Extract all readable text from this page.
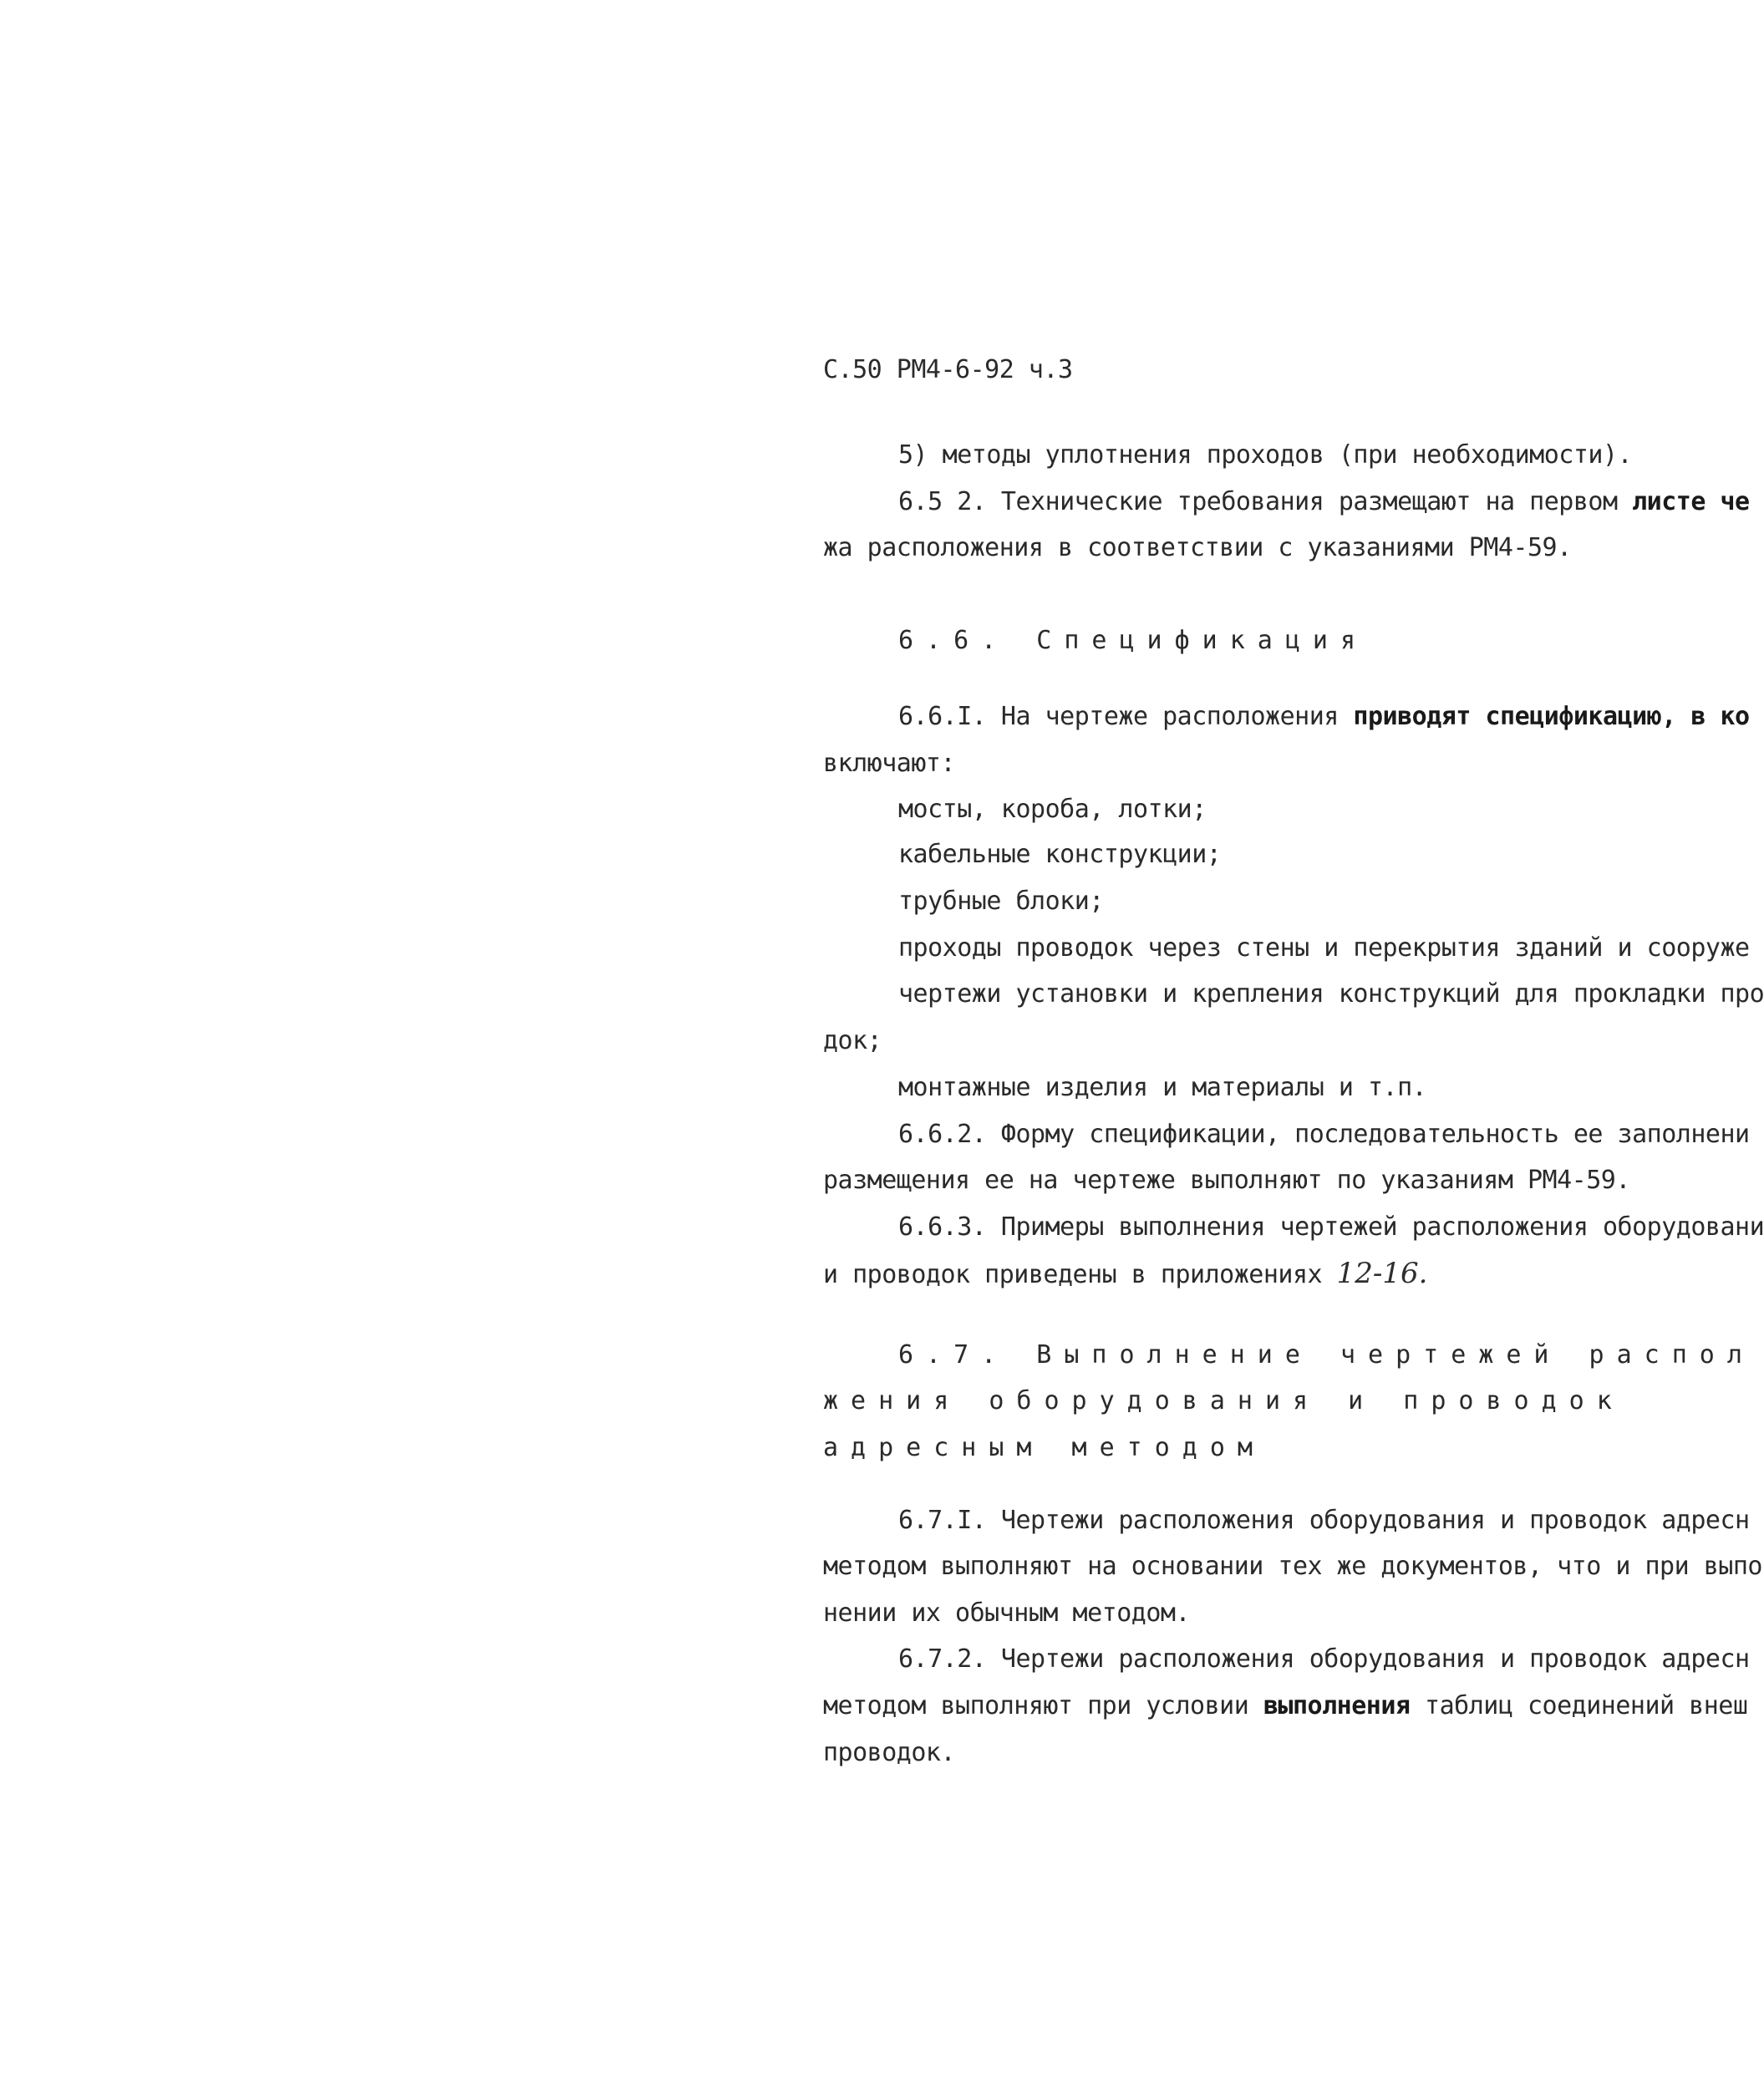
С.50 РМ4-6-92 ч.3
5) методы уплотнения проходов (при необходимости).
6.5 2. Технические требования размещают на первом листе че
жа расположения в соответствии с указаниями РМ4-59.
6.6. Спецификация
6.6.I. На чертеже расположения приводят спецификацию, в ко
включают:
мосты, короба, лотки;
кабельные конструкции;
трубные блоки;
проходы проводок через стены и перекрытия зданий и сооруже
чертежи установки и крепления конструкций для прокладки про
док;
монтажные изделия и материалы и т.п.
6.6.2. Форму спецификации, последовательность ее заполнени
размещения ее на чертеже выполняют по указаниям РМ4-59.
6.6.3. Примеры выполнения чертежей расположения оборудовани
и проводок приведены в приложениях 12-16.
6.7. Выполнение чертежей распол
жения оборудования и проводок
адресным методом
6.7.I. Чертежи расположения оборудования и проводок адресн
методом выполняют на основании тех же документов, что и при выпо
нении их обычным методом.
6.7.2. Чертежи расположения оборудования и проводок адресн
методом выполняют при условии выполнения таблиц соединений внеш
проводок.
